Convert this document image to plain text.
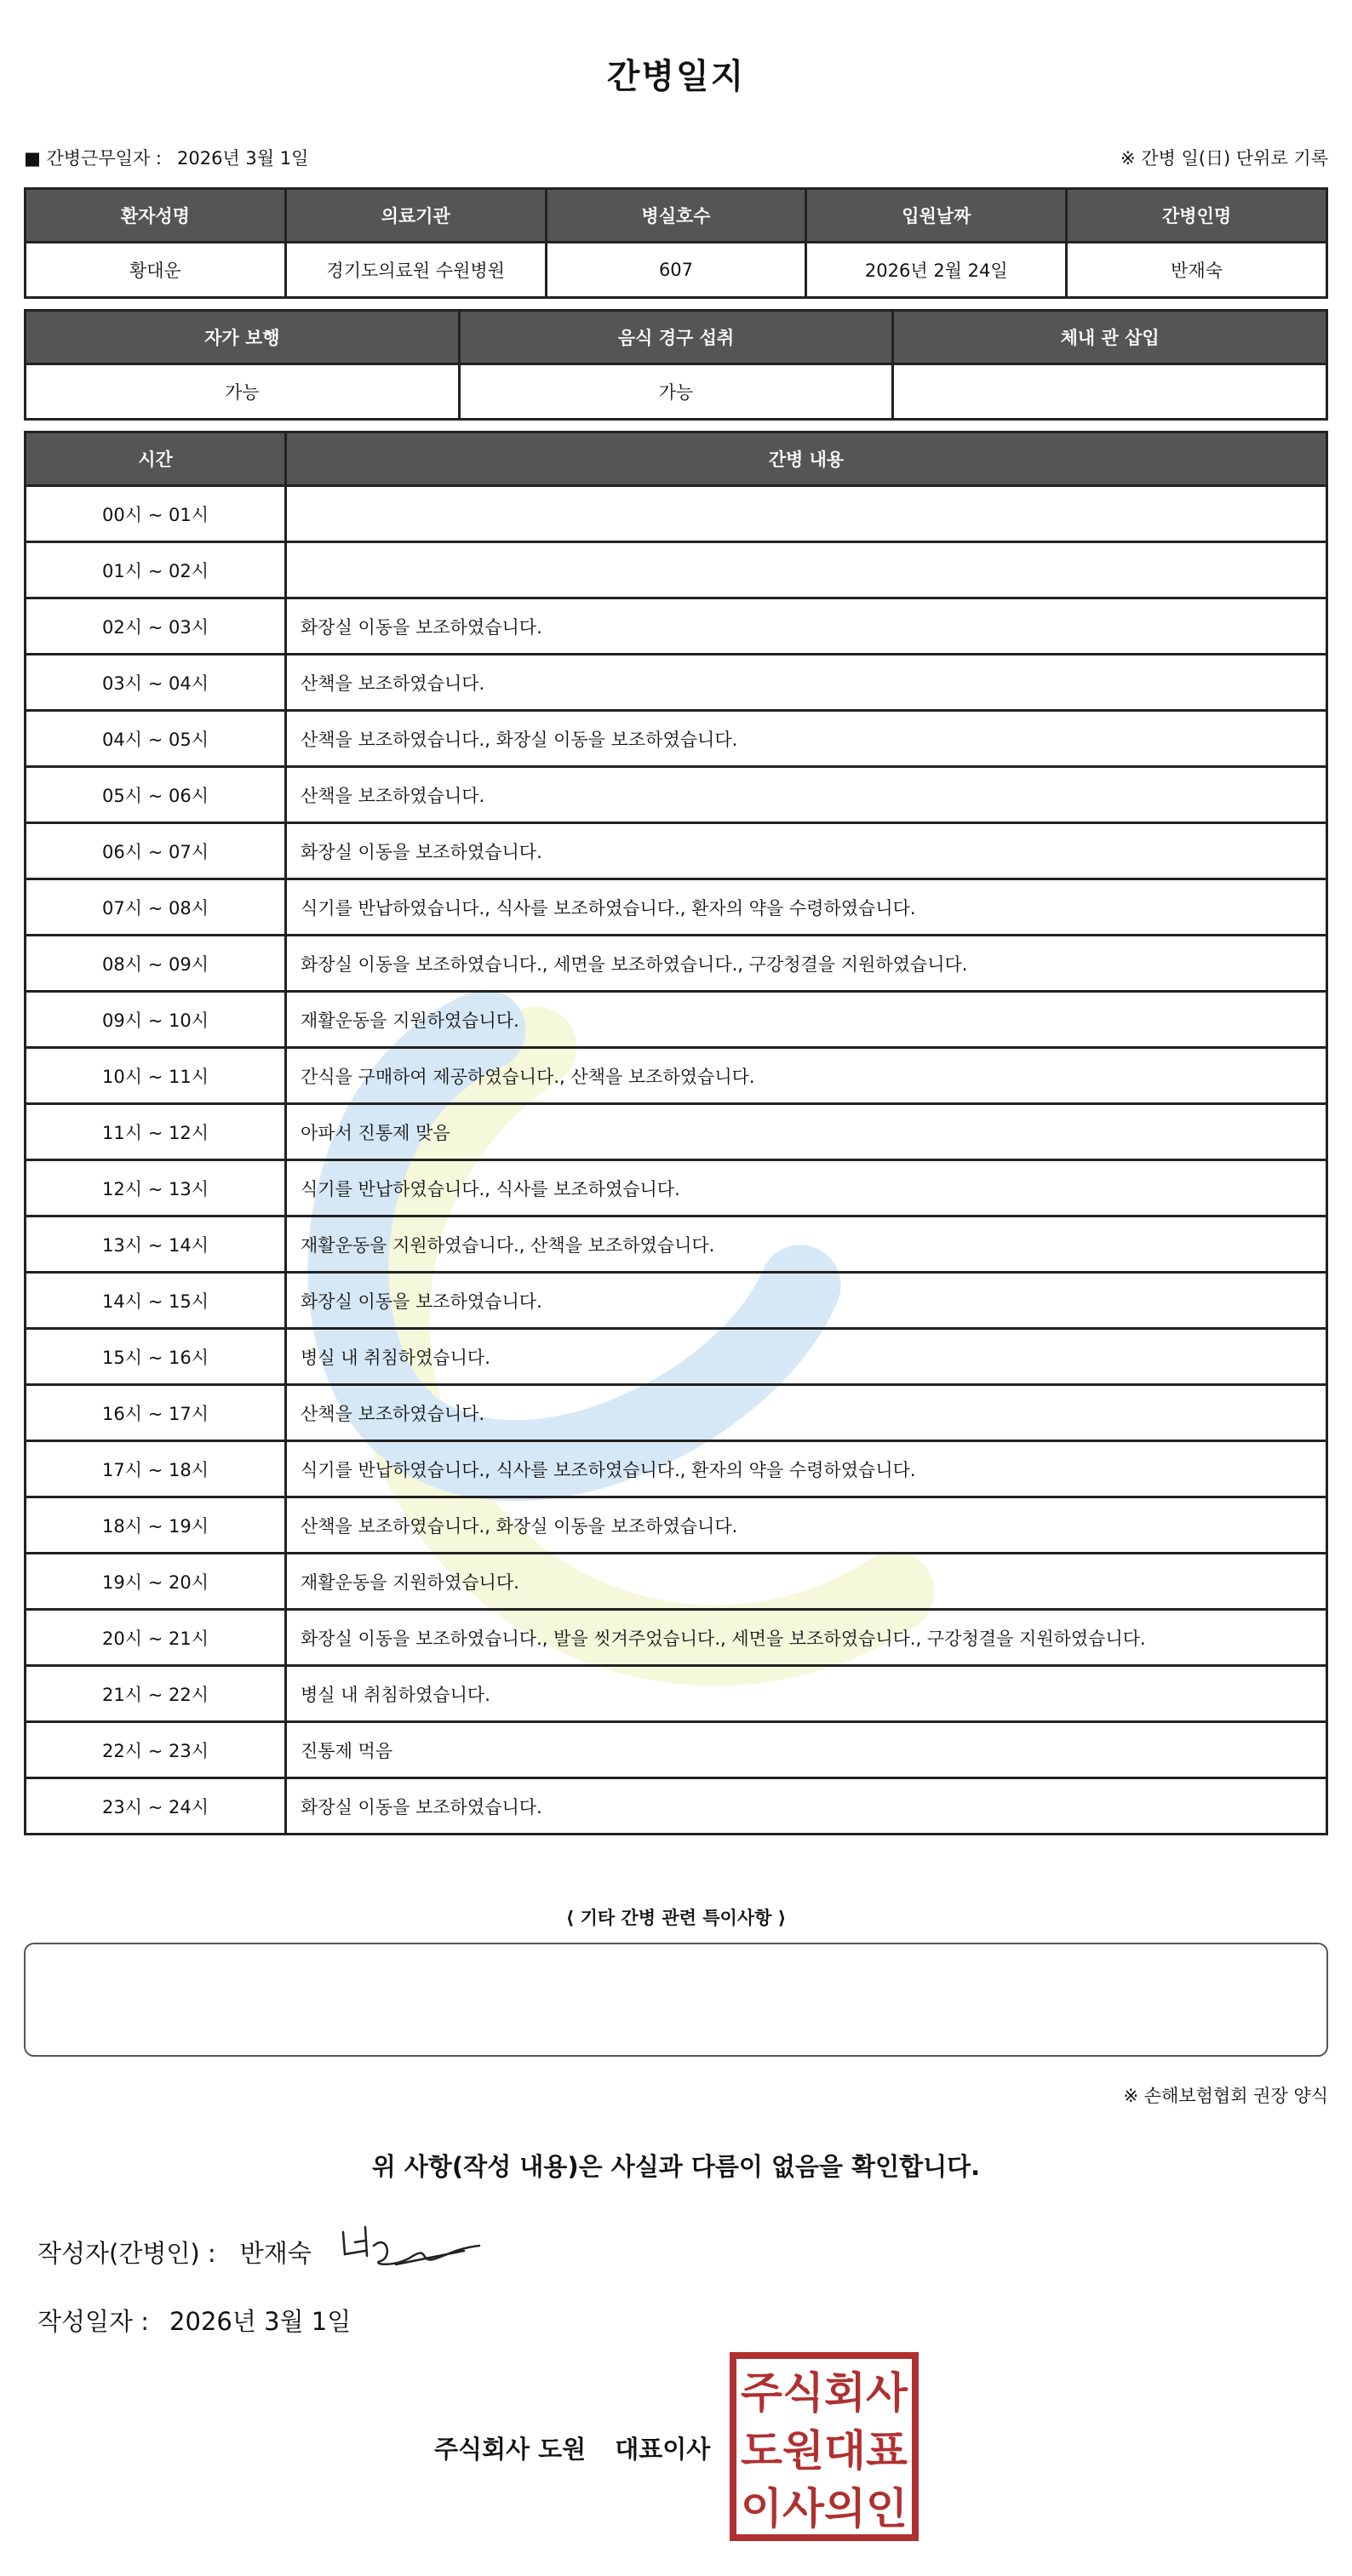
간병일지
■ 간병근무일자 : 2026년 3월 1일	※ 간병 일(日) 단위로 기록
환자성명	의료기관	병실호수	입원날짜	간병인명
황대운	경기도의료원 수원병원	607	2026년 2월 24일	반재숙
자가 보행	음식 경구 섭취	체내 관 삽입
가능	가능	
시간	간병 내용
00시 ~ 01시	
01시 ~ 02시	
02시 ~ 03시	화장실 이동을 보조하였습니다.
03시 ~ 04시	산책을 보조하였습니다.
04시 ~ 05시	산책을 보조하였습니다., 화장실 이동을 보조하였습니다.
05시 ~ 06시	산책을 보조하였습니다.
06시 ~ 07시	화장실 이동을 보조하였습니다.
07시 ~ 08시	식기를 반납하였습니다., 식사를 보조하였습니다., 환자의 약을 수령하였습니다.
08시 ~ 09시	화장실 이동을 보조하였습니다., 세면을 보조하였습니다., 구강청결을 지원하였습니다.
09시 ~ 10시	재활운동을 지원하였습니다.
10시 ~ 11시	간식을 구매하여 제공하였습니다., 산책을 보조하였습니다.
11시 ~ 12시	아파서 진통제 맞음
12시 ~ 13시	식기를 반납하였습니다., 식사를 보조하였습니다.
13시 ~ 14시	재활운동을 지원하였습니다., 산책을 보조하였습니다.
14시 ~ 15시	화장실 이동을 보조하였습니다.
15시 ~ 16시	병실 내 취침하였습니다.
16시 ~ 17시	산책을 보조하였습니다.
17시 ~ 18시	식기를 반납하였습니다., 식사를 보조하였습니다., 환자의 약을 수령하였습니다.
18시 ~ 19시	산책을 보조하였습니다., 화장실 이동을 보조하였습니다.
19시 ~ 20시	재활운동을 지원하였습니다.
20시 ~ 21시	화장실 이동을 보조하였습니다., 발을 씻겨주었습니다., 세면을 보조하였습니다., 구강청결을 지원하였습니다.
21시 ~ 22시	병실 내 취침하였습니다.
22시 ~ 23시	진통제 먹음
23시 ~ 24시	화장실 이동을 보조하였습니다.
⟨ 기타 간병 관련 특이사항 ⟩
※ 손해보험협회 권장 양식
위 사항(작성 내용)은 사실과 다름이 없음을 확인합니다.
작성자(간병인) : 반재숙
작성일자 : 2026년 3월 1일
주식회사 도원 대표이사
주식회사
도원대표
이사의인
